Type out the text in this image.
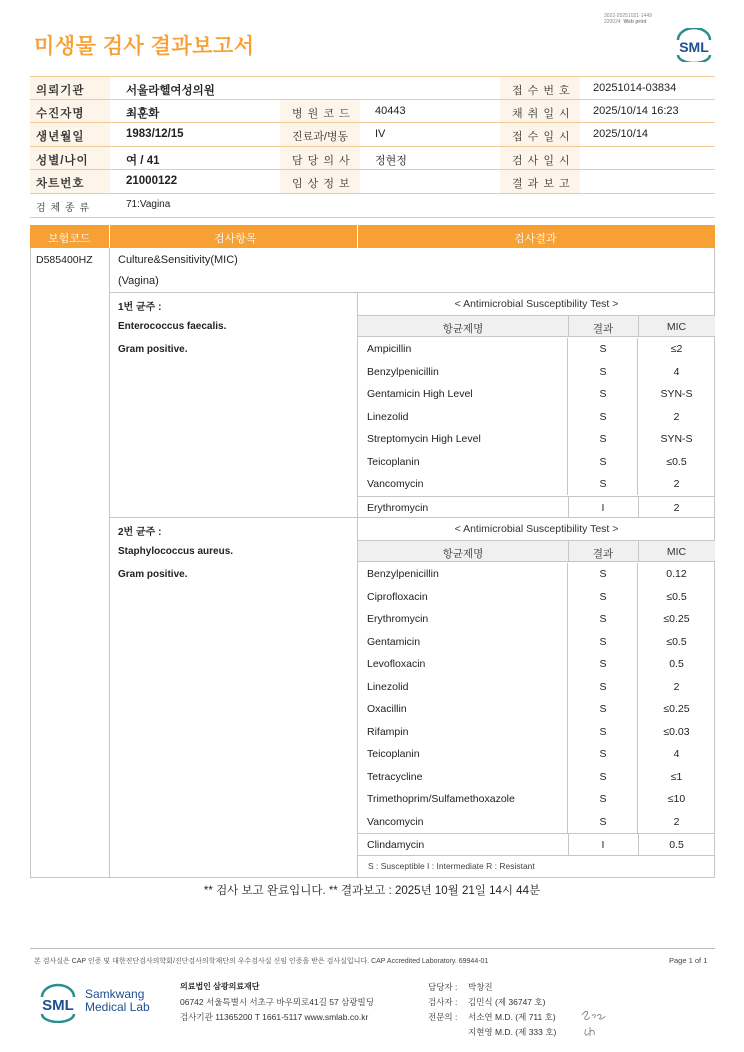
미생물 검사 결과보고서
3022-20251021-1449
220024 Web print
SML
의뢰기관	서울라헬여성의원	접 수 번 호 20251014-03834
수진자명	최훈화	병 원 코 드 40443	채 취 일 시 2025/10/14 16:23
생년월일	1983/12/15	진료과/병동 IV	접 수 일 시 2025/10/14
성별/나이	여 / 41	담 당 의 사 정현정	검 사 일 시
차트번호	21000122	임 상 정 보	결 과 보 고
검 체 종 류	71:Vagina
보험코드	검사항목	검사결과
D585400HZ Culture&Sensitivity(MIC)
(Vagina)
1번 균주 :
Enterococcus faecalis.
Gram positive.
< Antimicrobial Susceptibility Test >
항균제명	결과	MIC
Ampicillin	S	≤2
Benzylpenicillin	S	4
Gentamicin High Level	S	SYN-S
Linezolid	S	2
Streptomycin High Level	S	SYN-S
Teicoplanin	S	≤0.5
Vancomycin	S	2
Erythromycin	I	2
2번 균주 :
Staphylococcus aureus.
Gram positive.
< Antimicrobial Susceptibility Test >
항균제명	결과	MIC
Benzylpenicillin	S	0.12
Ciprofloxacin	S	≤0.5
Erythromycin	S	≤0.25
Gentamicin	S	≤0.5
Levofloxacin	S	0.5
Linezolid	S	2
Oxacillin	S	≤0.25
Rifampin	S	≤0.03
Teicoplanin	S	4
Tetracycline	S	≤1
Trimethoprim/Sulfamethoxazole	S	≤10
Vancomycin	S	2
Clindamycin	I	0.5
S : Susceptible I : Intermediate R : Resistant
** 검사 보고 완료입니다. ** 결과보고 : 2025년 10월 21일 14시 44분
본 검사실은 CAP 인증 및 대한진단검사의학회/진단검사의학재단의 우수검사실 신임 인증을 받은 검사실입니다. CAP Accredited Laboratory. 69944-01	Page 1 of 1
SML
Samkwang
Medical Lab
의료법인 삼광의료재단
06742 서울특별시 서초구 바우뫼로41길 57 삼광빌딩
검사기관 11365200 T 1661-5117 www.smlab.co.kr
담당자 : 박창진
검사자 : 김민식 (제 36747 호)
전문의 : 서소연 M.D. (제 711 호)
지현영 M.D. (제 333 호)
